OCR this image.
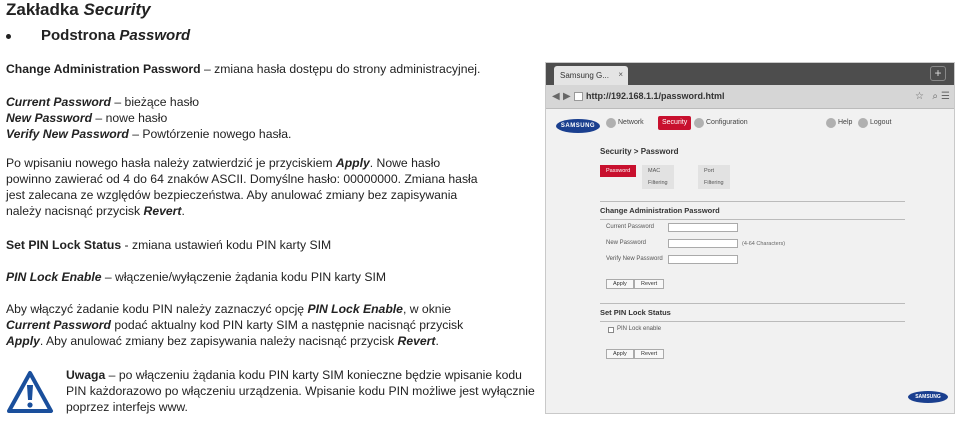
Zakładka Security
Podstrona Password
Change Administration Password – zmiana hasła dostępu do strony administracyjnej.
Current Password – bieżące hasło
New Password – nowe hasło
Verify New Password – Powtórzenie nowego hasła.
Po wpisaniu nowego hasła należy zatwierdzić je przyciskiem Apply. Nowe hasło powinno zawierać od 4 do 64 znaków ASCII. Domyślne hasło: 00000000. Zmiana hasła jest zalecana ze względów bezpieczeństwa. Aby anulować zmiany bez zapisywania należy nacisnąć przycisk Revert.
Set PIN Lock Status - zmiana ustawień kodu PIN karty SIM
PIN Lock Enable – włączenie/wyłączenie żądania kodu PIN karty SIM
Aby włączyć żadanie kodu PIN należy zaznaczyć opcję PIN Lock Enable, w oknie Current Password podać aktualny kod PIN karty SIM a następnie nacisnąć przycisk Apply. Aby anulować zmiany bez zapisywania należy nacisnąć przycisk Revert.
Uwaga – po włączeniu żądania kodu PIN karty SIM konieczne będzie wpisanie kodu PIN każdorazowo po włączeniu urządzenia. Wpisanie kodu PIN możliwe jest wyłącznie poprzez interfejs www.
Samsung G... ×	+
◀ ▶ http://192.168.1.1/password.html	☆ ⌕ ☰
SAMSUNG	Network	Security	Configuration	Help	Logout
Security > Password
Password	MAC Filtering
Port Filtering
Change Administration Password
Current Password
New Password	(4-64 Characters)
Verify New Password
Apply	Revert
Set PIN Lock Status
PIN Lock enable
Apply	Revert
SAMSUNG
